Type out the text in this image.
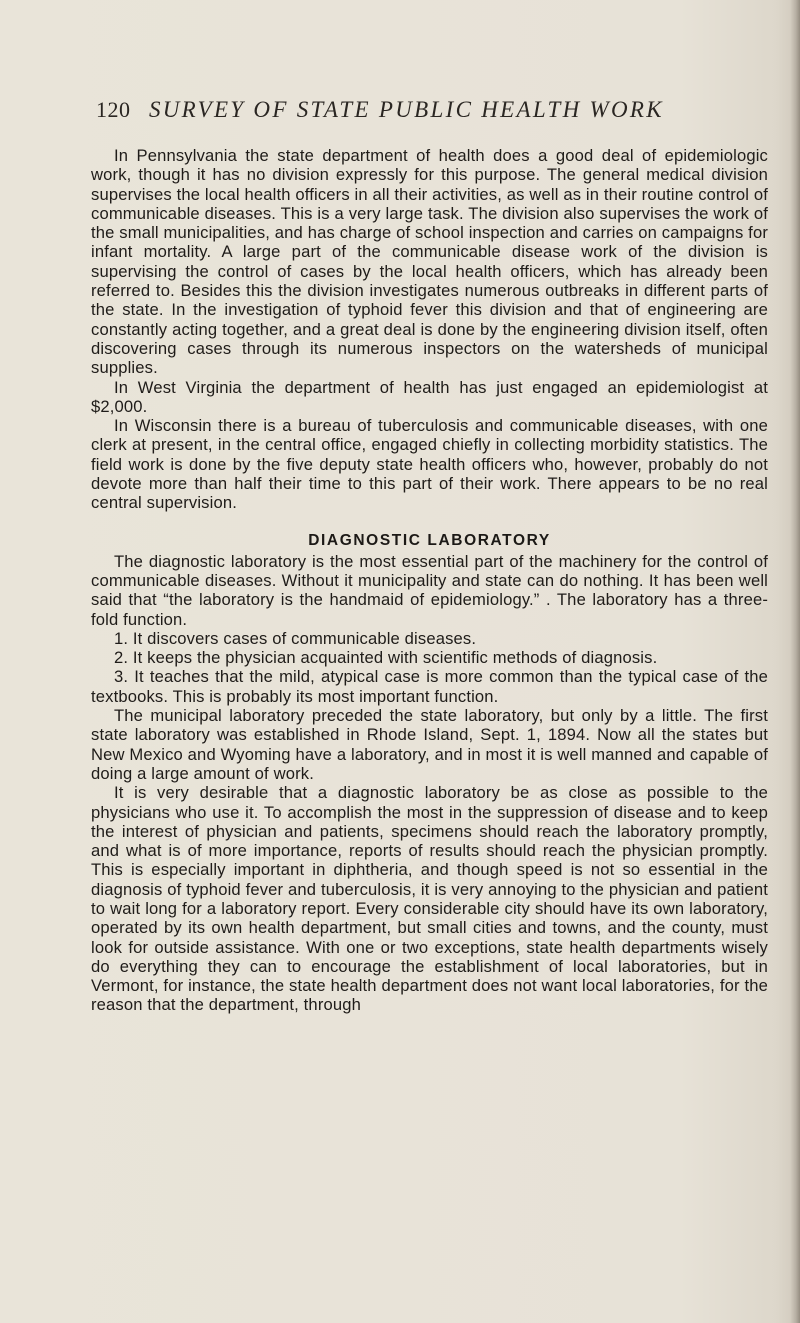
120 SURVEY OF STATE PUBLIC HEALTH WORK

In Pennsylvania the state department of health does a good deal of epidemiologic work, though it has no division expressly for this purpose. The general medical division supervises the local health officers in all their activities, as well as in their routine control of communicable diseases. This is a very large task. The division also supervises the work of the small municipalities, and has charge of school inspection and carries on campaigns for infant mortality. A large part of the communicable disease work of the division is supervising the control of cases by the local health officers, which has already been referred to. Besides this the division investigates numerous outbreaks in different parts of the state. In the investigation of typhoid fever this division and that of engineering are constantly acting together, and a great deal is done by the engineering division itself, often discovering cases through its numerous inspectors on the watersheds of municipal supplies.

In West Virginia the department of health has just engaged an epidemiologist at $2,000.

In Wisconsin there is a bureau of tuberculosis and communicable diseases, with one clerk at present, in the central office, engaged chiefly in collecting morbidity statistics. The field work is done by the five deputy state health officers who, however, probably do not devote more than half their time to this part of their work. There appears to be no real central supervision.

DIAGNOSTIC LABORATORY

The diagnostic laboratory is the most essential part of the machinery for the control of communicable diseases. Without it municipality and state can do nothing. It has been well said that “the laboratory is the handmaid of epidemiology.” . The laboratory has a three-fold function.

1. It discovers cases of communicable diseases.

2. It keeps the physician acquainted with scientific methods of diagnosis.

3. It teaches that the mild, atypical case is more common than the typical case of the textbooks. This is probably its most important function.

The municipal laboratory preceded the state laboratory, but only by a little. The first state laboratory was established in Rhode Island, Sept. 1, 1894. Now all the states but New Mexico and Wyoming have a laboratory, and in most it is well manned and capable of doing a large amount of work.

It is very desirable that a diagnostic laboratory be as close as possible to the physicians who use it. To accomplish the most in the suppression of disease and to keep the interest of physician and patients, specimens should reach the laboratory promptly, and what is of more importance, reports of results should reach the physician promptly. This is especially important in diphtheria, and though speed is not so essential in the diagnosis of typhoid fever and tuberculosis, it is very annoying to the physician and patient to wait long for a laboratory report. Every considerable city should have its own laboratory, operated by its own health department, but small cities and towns, and the county, must look for outside assistance. With one or two exceptions, state health departments wisely do everything they can to encourage the establishment of local laboratories, but in Vermont, for instance, the state health department does not want local laboratories, for the reason that the department, through
